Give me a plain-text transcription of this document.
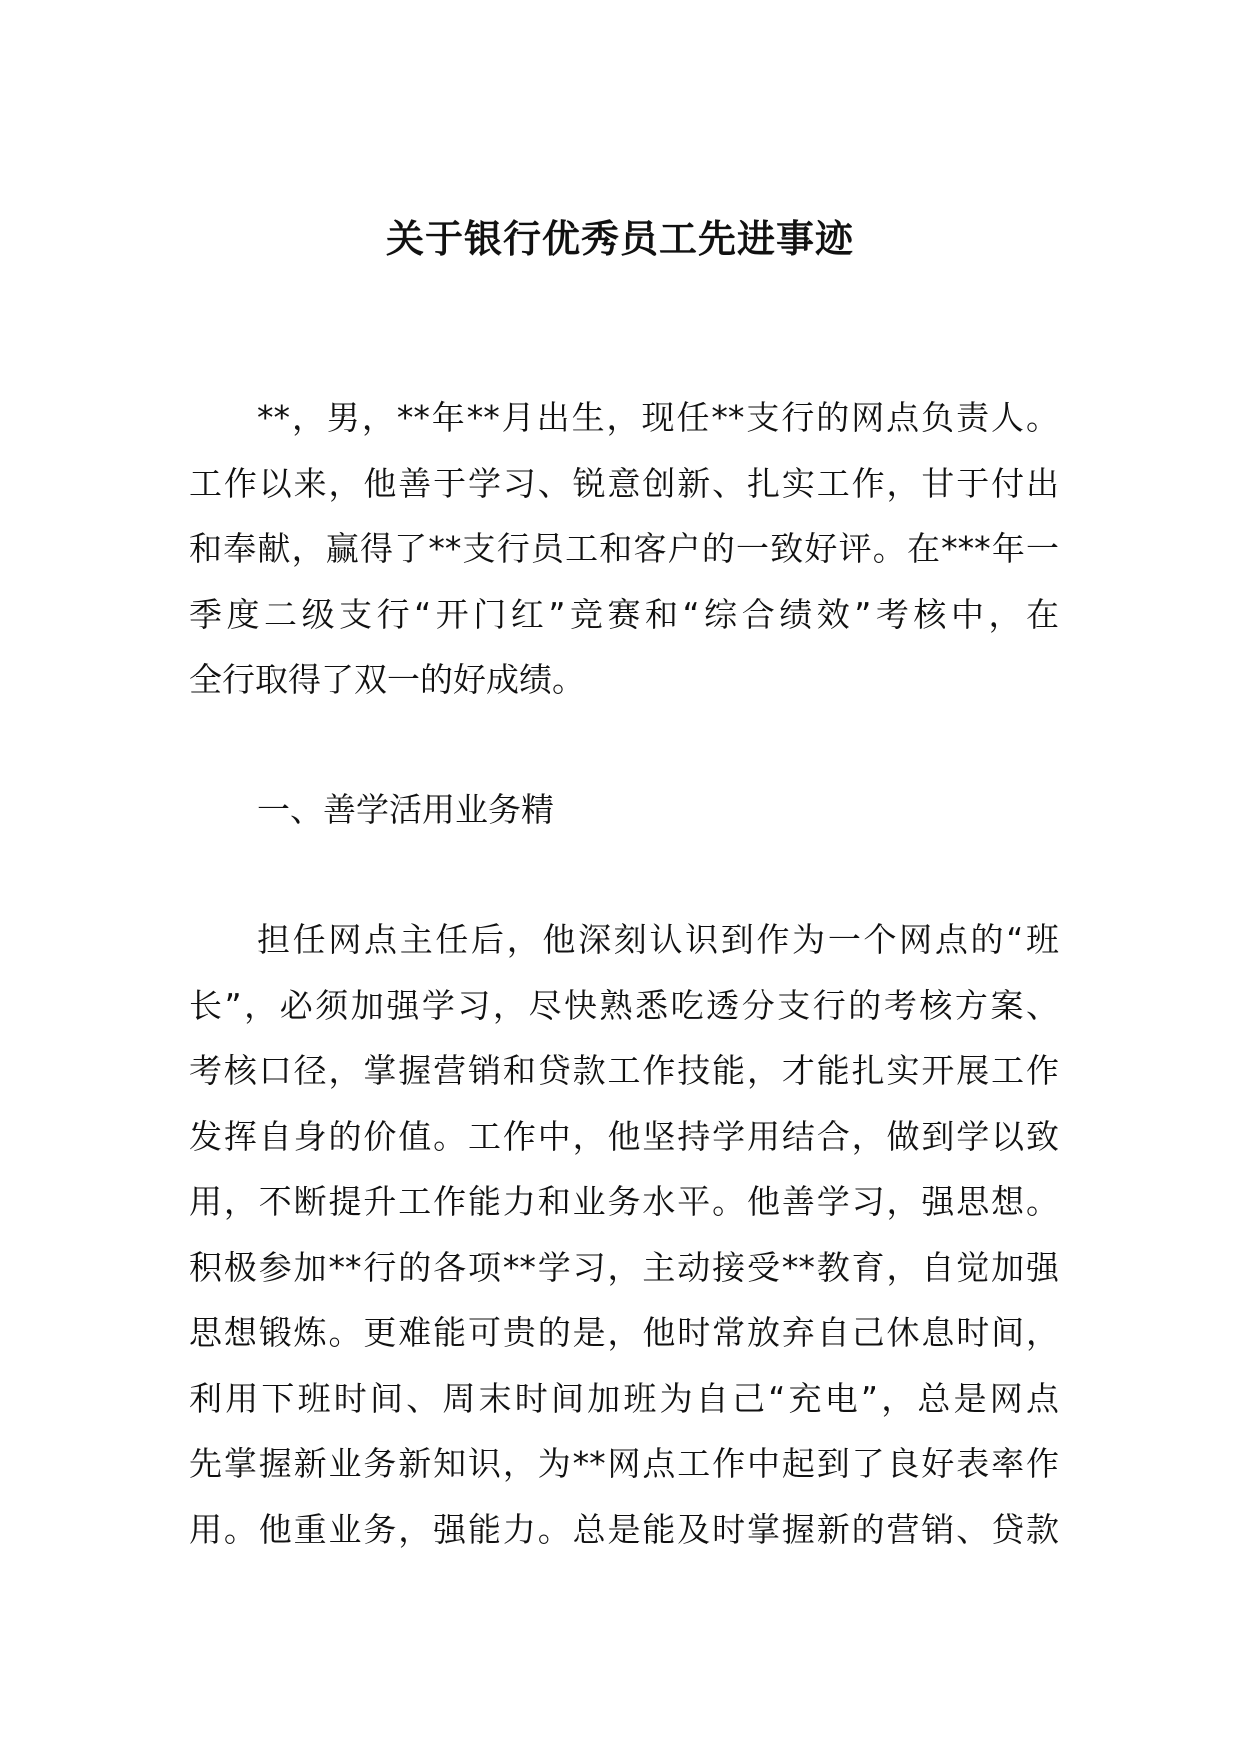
关于银行优秀员工先进事迹
**，男，**年**月出生，现任**支行的网点负责人。
工作以来，他善于学习、锐意创新、扎实工作，甘于付出
和奉献，赢得了**支行员工和客户的一致好评。在***年一
季度二级支行“开门红”竞赛和“综合绩效”考核中，在
全行取得了双一的好成绩。
一、善学活用业务精
担任网点主任后，他深刻认识到作为一个网点的“班
长”，必须加强学习，尽快熟悉吃透分支行的考核方案、
考核口径，掌握营销和贷款工作技能，才能扎实开展工作
发挥自身的价值。工作中，他坚持学用结合，做到学以致
用，不断提升工作能力和业务水平。他善学习，强思想。
积极参加**行的各项**学习，主动接受**教育，自觉加强
思想锻炼。更难能可贵的是，他时常放弃自己休息时间，
利用下班时间、周末时间加班为自己“充电”，总是网点
先掌握新业务新知识，为**网点工作中起到了良好表率作
用。他重业务，强能力。总是能及时掌握新的营销、贷款
